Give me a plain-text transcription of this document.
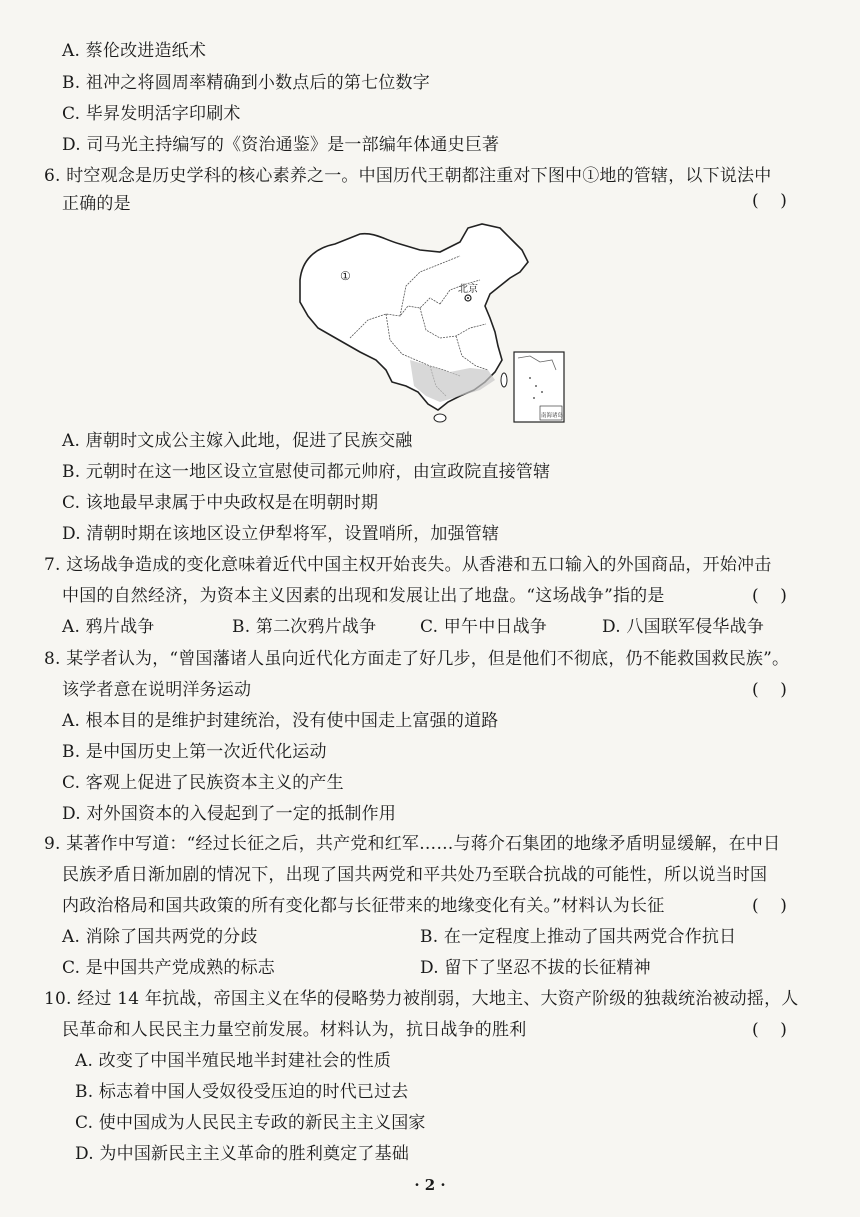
A. 蔡伦改进造纸术
B. 祖冲之将圆周率精确到小数点后的第七位数字
C. 毕昇发明活字印刷术
D. 司马光主持编写的《资治通鉴》是一部编年体通史巨著
6. 时空观念是历史学科的核心素养之一。中国历代王朝都注重对下图中①地的管辖，以下说法中
正确的是	(    )
①
北京
南海诸岛
A. 唐朝时文成公主嫁入此地，促进了民族交融
B. 元朝时在这一地区设立宣慰使司都元帅府，由宣政院直接管辖
C. 该地最早隶属于中央政权是在明朝时期
D. 清朝时期在该地区设立伊犁将军，设置哨所，加强管辖
7. 这场战争造成的变化意味着近代中国主权开始丧失。从香港和五口输入的外国商品，开始冲击
中国的自然经济，为资本主义因素的出现和发展让出了地盘。“这场战争”指的是	(    )
A. 鸦片战争	B. 第二次鸦片战争	C. 甲午中日战争	D. 八国联军侵华战争
8. 某学者认为，“曾国藩诸人虽向近代化方面走了好几步，但是他们不彻底，仍不能救国救民族”。
该学者意在说明洋务运动	(    )
A. 根本目的是维护封建统治，没有使中国走上富强的道路
B. 是中国历史上第一次近代化运动
C. 客观上促进了民族资本主义的产生
D. 对外国资本的入侵起到了一定的抵制作用
9. 某著作中写道：“经过长征之后，共产党和红军……与蒋介石集团的地缘矛盾明显缓解，在中日
民族矛盾日渐加剧的情况下，出现了国共两党和平共处乃至联合抗战的可能性，所以说当时国
内政治格局和国共政策的所有变化都与长征带来的地缘变化有关。”材料认为长征	(    )
A. 消除了国共两党的分歧	B. 在一定程度上推动了国共两党合作抗日
C. 是中国共产党成熟的标志	D. 留下了坚忍不拔的长征精神
10. 经过 14 年抗战，帝国主义在华的侵略势力被削弱，大地主、大资产阶级的独裁统治被动摇，人
民革命和人民民主力量空前发展。材料认为，抗日战争的胜利	(    )
A. 改变了中国半殖民地半封建社会的性质
B. 标志着中国人受奴役受压迫的时代已过去
C. 使中国成为人民民主专政的新民主主义国家
D. 为中国新民主主义革命的胜利奠定了基础
· 2 ·
